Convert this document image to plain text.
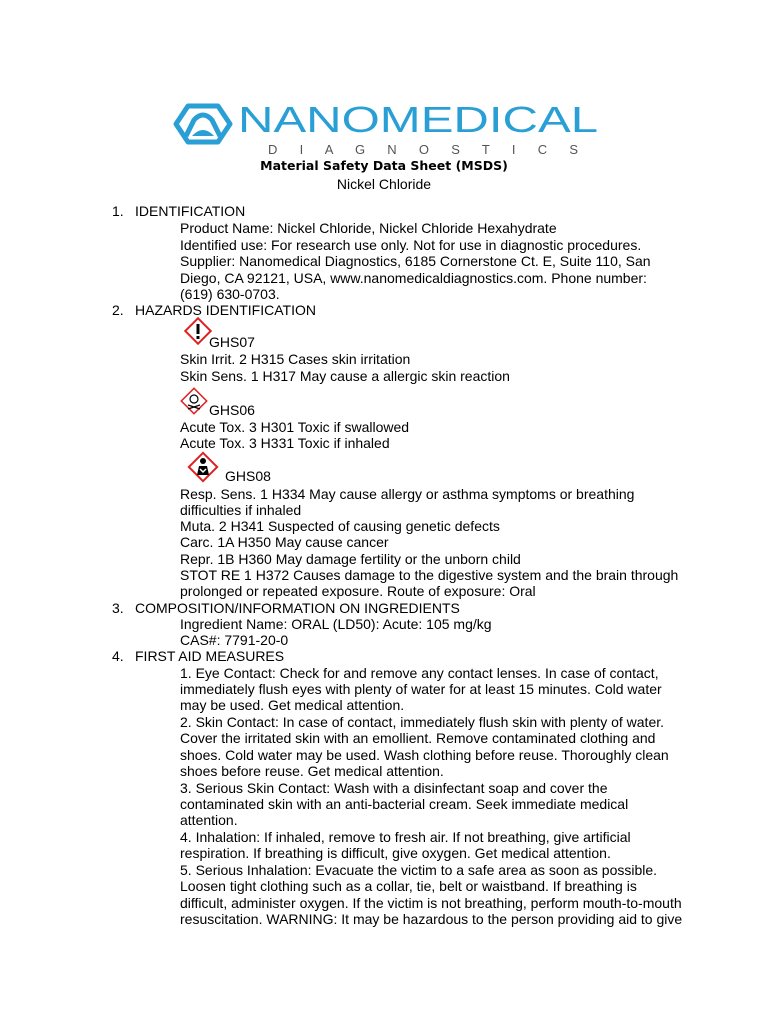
NANOMEDICAL
D I A G N O S T I C S
Material Safety Data Sheet (MSDS)
Nickel Chloride
1. IDENTIFICATION
Product Name: Nickel Chloride, Nickel Chloride Hexahydrate
Identified use: For research use only. Not for use in diagnostic procedures.
Supplier: Nanomedical Diagnostics, 6185 Cornerstone Ct. E, Suite 110, San
Diego, CA 92121, USA, www.nanomedicaldiagnostics.com. Phone number:
(619) 630-0703.
2. HAZARDS IDENTIFICATION
GHS07
Skin Irrit. 2 H315 Cases skin irritation
Skin Sens. 1 H317 May cause a allergic skin reaction
GHS06
Acute Tox. 3 H301 Toxic if swallowed
Acute Tox. 3 H331 Toxic if inhaled
GHS08
Resp. Sens. 1 H334 May cause allergy or asthma symptoms or breathing
difficulties if inhaled
Muta. 2 H341 Suspected of causing genetic defects
Carc. 1A H350 May cause cancer
Repr. 1B H360 May damage fertility or the unborn child
STOT RE 1 H372 Causes damage to the digestive system and the brain through
prolonged or repeated exposure. Route of exposure: Oral
3. COMPOSITION/INFORMATION ON INGREDIENTS
Ingredient Name: ORAL (LD50): Acute: 105 mg/kg
CAS#: 7791-20-0
4. FIRST AID MEASURES
1. Eye Contact: Check for and remove any contact lenses. In case of contact,
immediately flush eyes with plenty of water for at least 15 minutes. Cold water
may be used. Get medical attention.
2. Skin Contact: In case of contact, immediately flush skin with plenty of water.
Cover the irritated skin with an emollient. Remove contaminated clothing and
shoes. Cold water may be used. Wash clothing before reuse. Thoroughly clean
shoes before reuse. Get medical attention.
3. Serious Skin Contact: Wash with a disinfectant soap and cover the
contaminated skin with an anti-bacterial cream. Seek immediate medical
attention.
4. Inhalation: If inhaled, remove to fresh air. If not breathing, give artificial
respiration. If breathing is difficult, give oxygen. Get medical attention.
5. Serious Inhalation: Evacuate the victim to a safe area as soon as possible.
Loosen tight clothing such as a collar, tie, belt or waistband. If breathing is
difficult, administer oxygen. If the victim is not breathing, perform mouth-to-mouth
resuscitation. WARNING: It may be hazardous to the person providing aid to give
